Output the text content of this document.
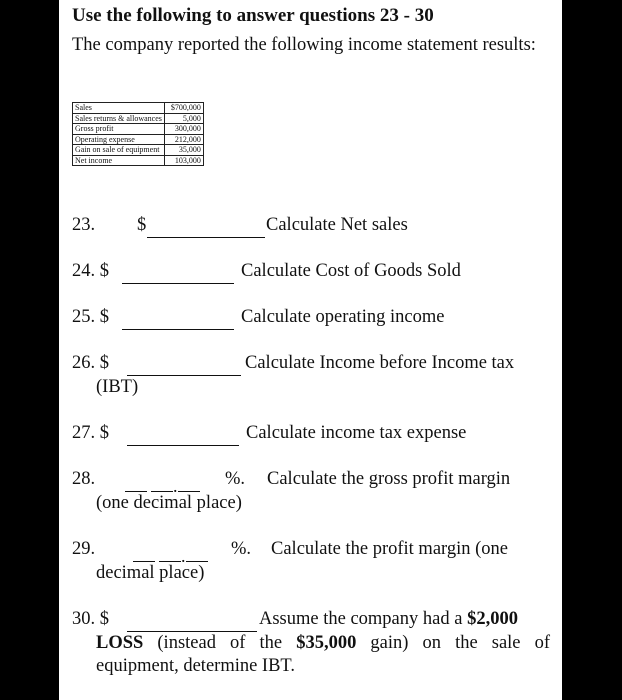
Use the following to answer questions 23 - 30
The company reported the following income statement results:
Sales	$700,000
Sales returns & allowances	5,000
Gross profit	300,000
Operating expense	212,000
Gain on sale of equipment	35,000
Net income	103,000
23. $	Calculate Net sales
24. $	Calculate Cost of Goods Sold
25. $	Calculate operating income
26. $	Calculate Income before Income tax
(IBT)
27. $	Calculate income tax expense
28.	.	%. Calculate the gross profit margin
(one decimal place)
29.	.	%. Calculate the profit margin (one
decimal place)
30. $	Assume the company had a $2,000
LOSS (instead of the $35,000 gain) on the sale of equipment, determine IBT.
